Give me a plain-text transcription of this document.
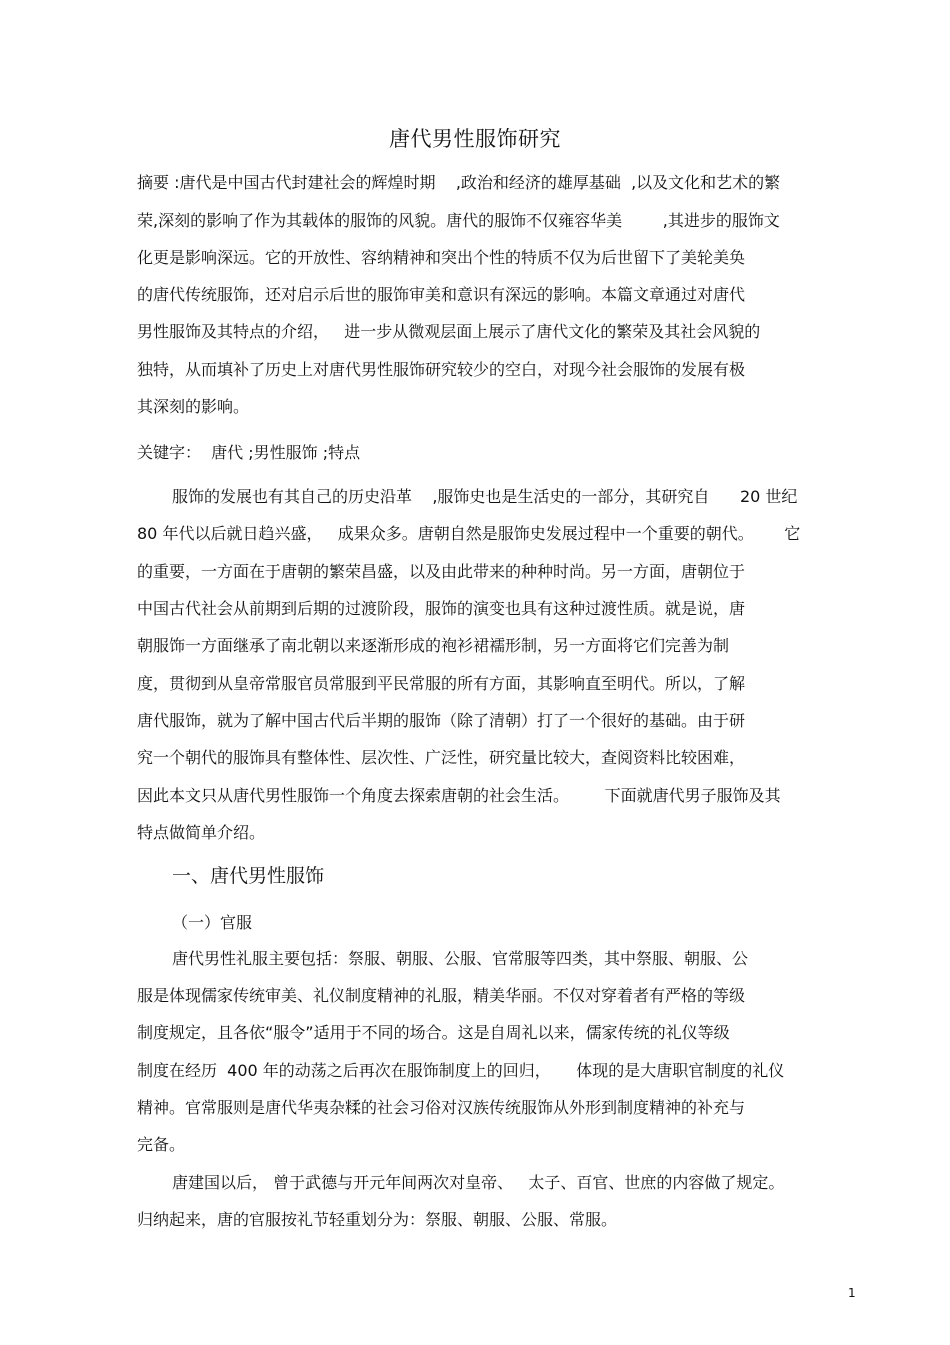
唐代男性服饰研究
摘要 :唐代是中国古代封建社会的辉煌时期    ,政治和经济的雄厚基础  ,以及文化和艺术的繁
荣,深刻的影响了作为其载体的服饰的风貌。唐代的服饰不仅雍容华美        ,其进步的服饰文
化更是影响深远。它的开放性、容纳精神和突出个性的特质不仅为后世留下了美轮美奂
的唐代传统服饰，还对启示后世的服饰审美和意识有深远的影响。本篇文章通过对唐代
男性服饰及其特点的介绍，   进一步从微观层面上展示了唐代文化的繁荣及其社会风貌的
独特，从而填补了历史上对唐代男性服饰研究较少的空白，对现今社会服饰的发展有极
其深刻的影响。
关键字：  唐代 ;男性服饰 ;特点
服饰的发展也有其自己的历史沿革    ,服饰史也是生活史的一部分，其研究自      20 世纪
80 年代以后就日趋兴盛，   成果众多。唐朝自然是服饰史发展过程中一个重要的朝代。      它
的重要，一方面在于唐朝的繁荣昌盛，以及由此带来的种种时尚。另一方面，唐朝位于
中国古代社会从前期到后期的过渡阶段，服饰的演变也具有这种过渡性质。就是说，唐
朝服饰一方面继承了南北朝以来逐渐形成的袍衫裙襦形制，另一方面将它们完善为制
度，贯彻到从皇帝常服官员常服到平民常服的所有方面，其影响直至明代。所以，了解
唐代服饰，就为了解中国古代后半期的服饰（除了清朝）打了一个很好的基础。由于研
究一个朝代的服饰具有整体性、层次性、广泛性，研究量比较大，查阅资料比较困难，
因此本文只从唐代男性服饰一个角度去探索唐朝的社会生活。       下面就唐代男子服饰及其
特点做简单介绍。
一、唐代男性服饰
（一）官服
唐代男性礼服主要包括：祭服、朝服、公服、官常服等四类，其中祭服、朝服、公
服是体现儒家传统审美、礼仪制度精神的礼服，精美华丽。不仅对穿着者有严格的等级
制度规定，且各依“服令”适用于不同的场合。这是自周礼以来，儒家传统的礼仪等级
制度在经历  400 年的动荡之后再次在服饰制度上的回归，     体现的是大唐职官制度的礼仪
精神。官常服则是唐代华夷杂糅的社会习俗对汉族传统服饰从外形到制度精神的补充与
完备。
唐建国以后， 曾于武德与开元年间两次对皇帝、   太子、百官、世庶的内容做了规定。
归纳起来，唐的官服按礼节轻重划分为：祭服、朝服、公服、常服。
1
